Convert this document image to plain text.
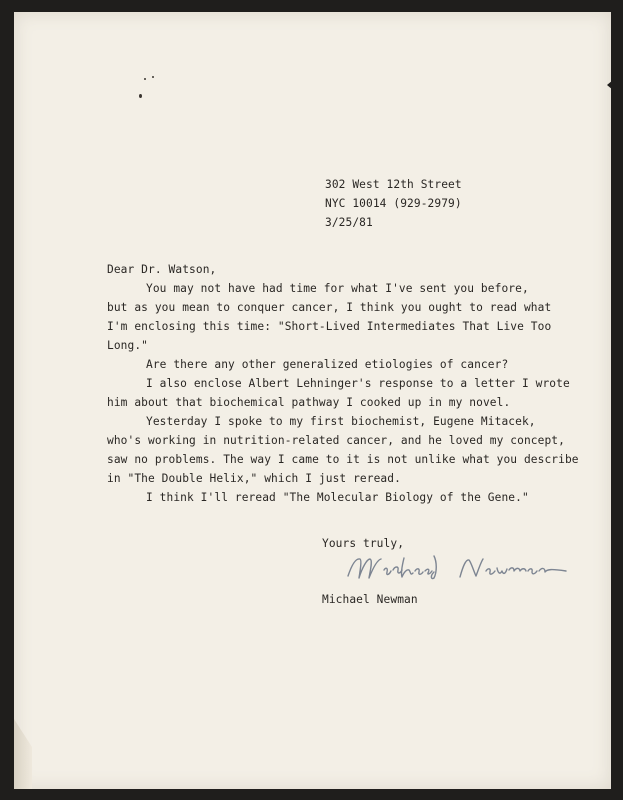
302 West 12th Street
NYC 10014 (929-2979)
3/25/81
Dear Dr. Watson,
You may not have had time for what I've sent you before,
but as you mean to conquer cancer, I think you ought to read what
I'm enclosing this time: "Short-Lived Intermediates That Live Too
Long."
Are there any other generalized etiologies of cancer?
I also enclose Albert Lehninger's response to a letter I wrote
him about that biochemical pathway I cooked up in my novel.
Yesterday I spoke to my first biochemist, Eugene Mitacek,
who's working in nutrition-related cancer, and he loved my concept,
saw no problems. The way I came to it is not unlike what you describe
in "The Double Helix," which I just reread.
I think I'll reread "The Molecular Biology of the Gene."
Yours truly,
Michael Newman
